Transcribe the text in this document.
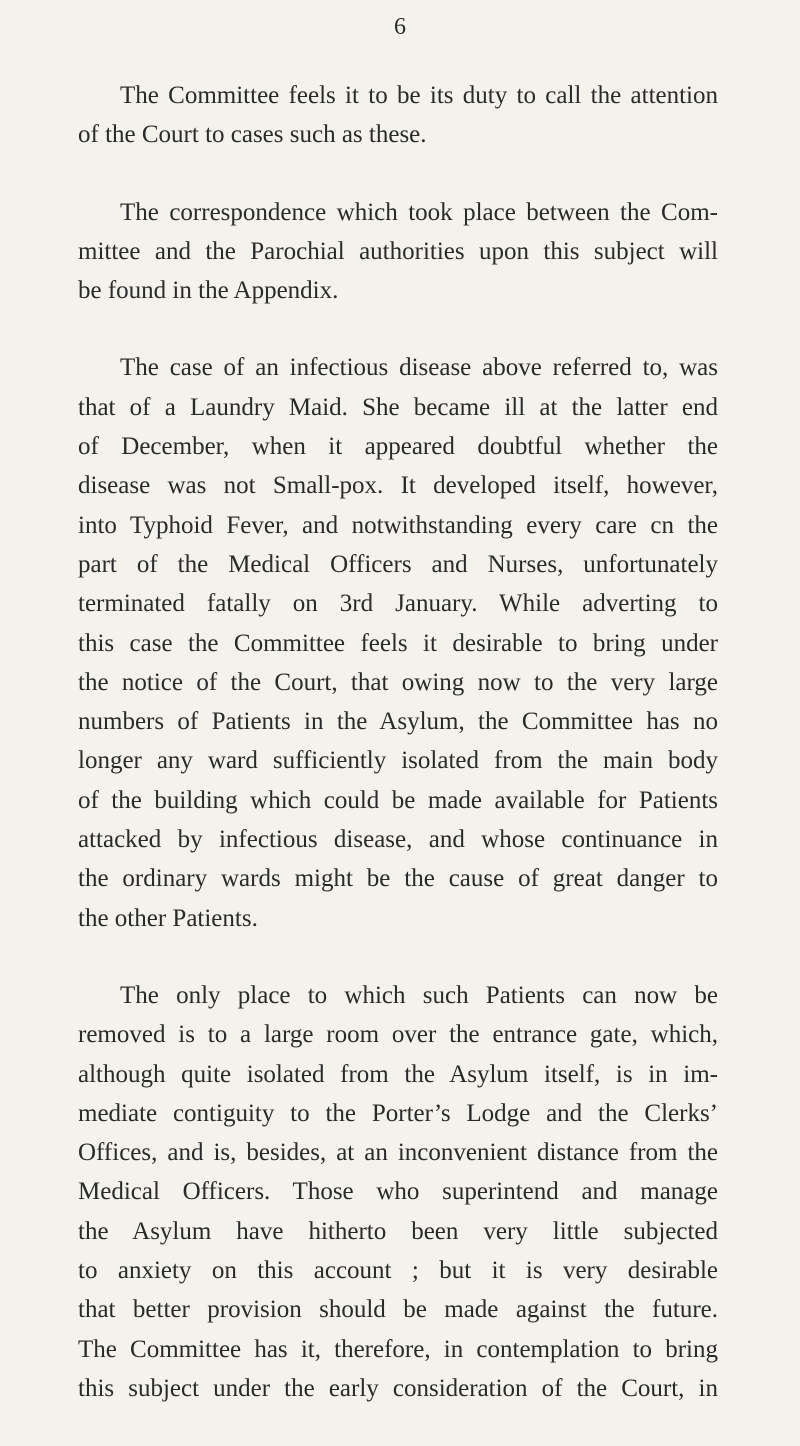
6

The Committee feels it to be its duty to call the attention
of the Court to cases such as these.

The correspondence which took place between the Com-
mittee and the Parochial authorities upon this subject will
be found in the Appendix.

The case of an infectious disease above referred to, was
that of a Laundry Maid. She became ill at the latter end
of December, when it appeared doubtful whether the
disease was not Small-pox. It developed itself, however,
into Typhoid Fever, and notwithstanding every care cn the
part of the Medical Officers and Nurses, unfortunately
terminated fatally on 3rd January. While adverting to
this case the Committee feels it desirable to bring under
the notice of the Court, that owing now to the very large
numbers of Patients in the Asylum, the Committee has no
longer any ward sufficiently isolated from the main body
of the building which could be made available for Patients
attacked by infectious disease, and whose continuance in
the ordinary wards might be the cause of great danger to
the other Patients.

The only place to which such Patients can now be
removed is to a large room over the entrance gate, which,
although quite isolated from the Asylum itself, is in im-
mediate contiguity to the Porter’s Lodge and the Clerks’
Offices, and is, besides, at an inconvenient distance from the
Medical Officers. Those who superintend and manage
the Asylum have hitherto been very little subjected
to anxiety on this account ; but it is very desirable
that better provision should be made against the future.
The Committee has it, therefore, in contemplation to bring
this subject under the early consideration of the Court, in
